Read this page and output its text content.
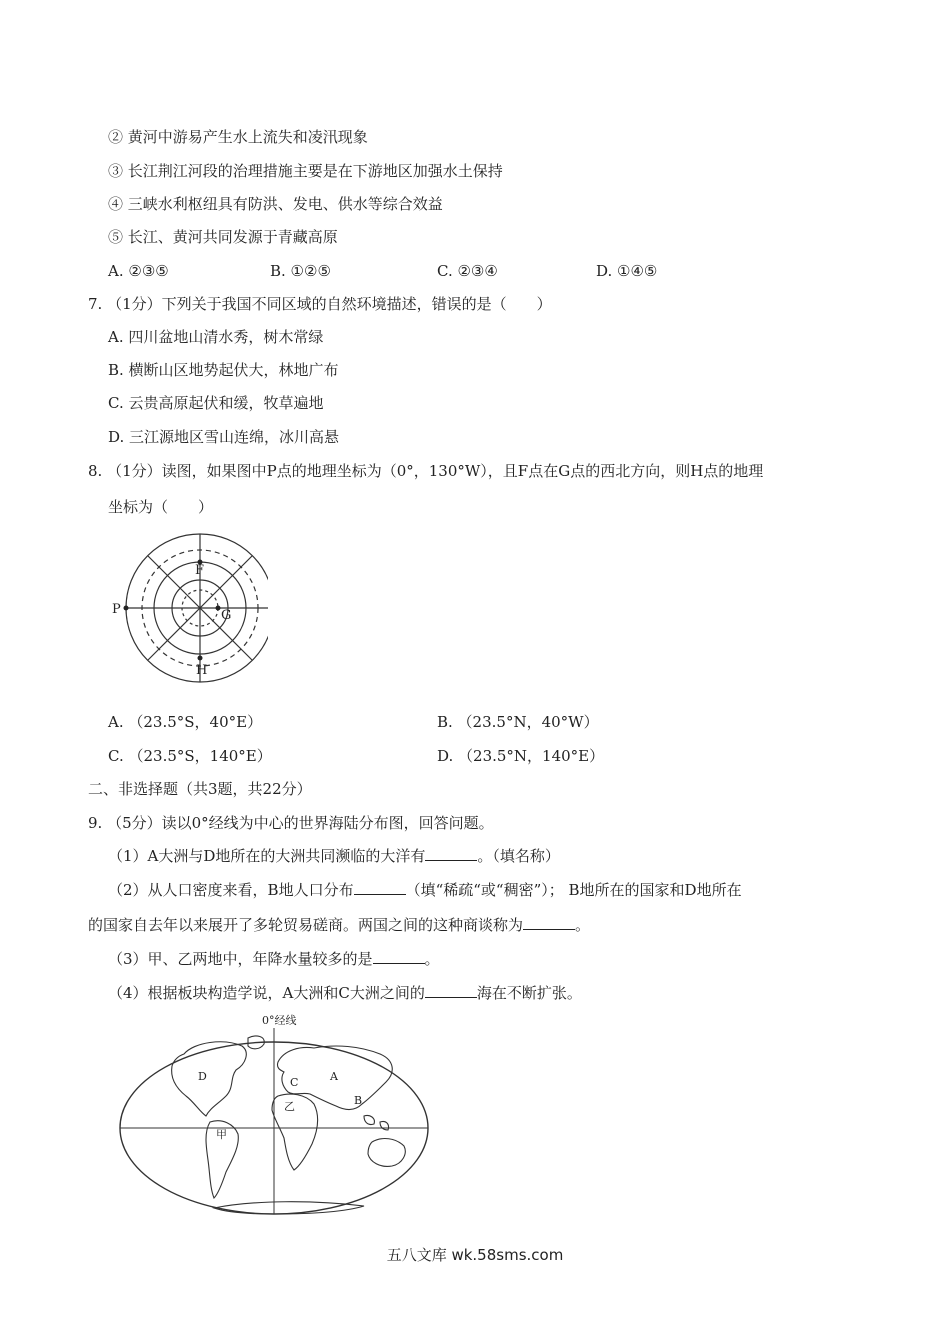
② 黄河中游易产生水上流失和凌汛现象
③ 长江荆江河段的治理措施主要是在下游地区加强水土保持
④ 三峡水利枢纽具有防洪、发电、供水等综合效益
⑤ 长江、黄河共同发源于青藏高原
A. ②③⑤	B. ①②⑤	C. ②③④	D. ①④⑤
7. （1分）下列关于我国不同区域的自然环境描述，错误的是（　　）
A. 四川盆地山清水秀，树木常绿
B. 横断山区地势起伏大，林地广布
C. 云贵高原起伏和缓，牧草遍地
D. 三江源地区雪山连绵，冰川高悬
8. （1分）读图，如果图中P点的地理坐标为（0°，130°W），且F点在G点的西北方向，则H点的地理
坐标为（　　）
F
G
H
P
A. （23.5°S，40°E）	B. （23.5°N，40°W）
C. （23.5°S，140°E）	D. （23.5°N，140°E）
二、非选择题（共3题，共22分）
9. （5分）读以0°经线为中心的世界海陆分布图，回答问题。
（1）A大洲与D地所在的大洲共同濒临的大洋有	。（填名称）
（2）从人口密度来看，B地人口分布	（填“稀疏“或“稠密”）； B地所在的国家和D地所在
的国家自去年以来展开了多轮贸易磋商。两国之间的这种商谈称为	。
（3）甲、乙两地中，年降水量较多的是	。
（4）根据板块构造学说，A大洲和C大洲之间的	海在不断扩张。
0°经线
A
B
C
D
甲
乙
五八文库 wk.58sms.com
